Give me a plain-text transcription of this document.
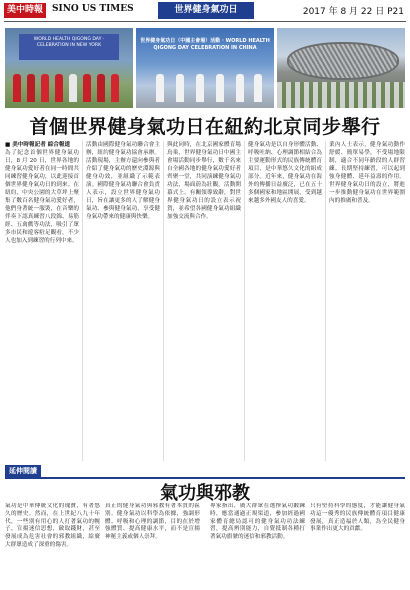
美中時報 SINO US TIMES	世界健身氣功日	2017 年 8 月 22 日 P21
WORLD HEALTH QIGONG DAY · CELEBRATION IN NEW YORK
世界健身氣功日（中國主會場）活動 · WORLD HEALTH QIGONG DAY CELEBRATION IN CHINA
首個世界健身氣功日在紐約北京同步舉行
■ 美中時報記者 綜合報道
為了紀念首個世界健身氣功日，8 月 20 日，世界各地的健身氣功愛好者在同一時間共同練習健身氣功，以此迎接首個世界健身氣功日的到來。在紐約，中央公園的大草坪上聚集了數百名健身氣功愛好者，他們身著統一服裝，在音樂的伴奏下認真練習八段錦、易筋經、五禽戲等功法，吸引了眾多市民和遊客駐足觀看，不少人也加入到練習的行列中來。
活動由國際健身氣功聯合會主辦，紐約健身氣功協會承辦。活動現場，主辦方還向參與者介紹了健身氣功的歷史淵源與健身功效，並組織了示範表演。國際健身氣功聯合會負責人表示，設立世界健身氣功日，旨在讓更多的人了解健身氣功、參與健身氣功，享受健身氣功帶來的健康與快樂。
與此同時，在北京國家體育場鳥巢，世界健身氣功日中國主會場活動同步舉行，數千名來自全國各地的健身氣功愛好者齊聚一堂，共同演練健身氣功功法，場面蔚為壯觀。活動開幕式上，有關領導致辭，對世界健身氣功日的設立表示祝賀，並希望各國健身氣功組織加強交流與合作。
健身氣功是以自身形體活動、呼吸吐納、心理調節相結合為主要運動形式的民族傳統體育項目，是中華悠久文化的組成部分。近年來，健身氣功在海外的傳播日益廣泛，已在五十多個國家和地區開展，受到越來越多外國友人的喜愛。
業內人士表示，健身氣功動作舒緩、簡單易學，不受場地限制，適合不同年齡段的人群習練。長期堅持練習，可以起到強身健體、延年益壽的作用。世界健身氣功日的設立，將進一步推動健身氣功在世界範圍內的推廣和普及。
延伸閱讀
氣功與邪教
氣功是中華傳統文化的瑰寶，有著悠久的歷史。然而，在上世紀八九十年代，一些別有用心的人打著氣功的幌子，宣揚迷信思想，斂取錢財，甚至發展成為危害社會的邪教組織，給廣大群眾造成了深重的傷害。
真正的健身氣功與邪教有著本質的區別。健身氣功以科學為依據，強調形體、呼吸和心理的調節，目的在於增強體質、提高健康水平，而不是宣揚神秘主義或個人崇拜。
專家指出，廣大群眾在選擇氣功鍛鍊時，應當通過正規渠道，參加經過國家體育總局認可的健身氣功功法練習，提高辨別能力，自覺抵制各種打著氣功旗號的迷信和邪教活動。
只有堅持科學的態度，才能讓健身氣功這一優秀的民族傳統體育項目健康發展，真正造福於人類，為全民健身事業作出更大的貢獻。
